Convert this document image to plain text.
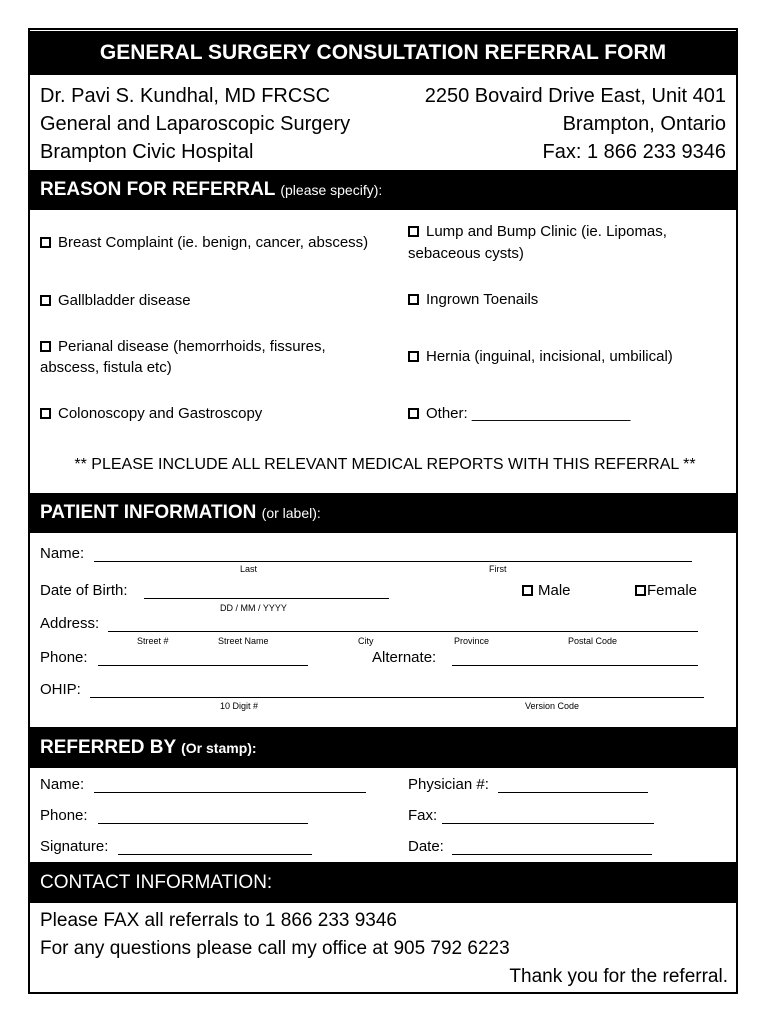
GENERAL SURGERY CONSULTATION REFERRAL FORM
Dr. Pavi S. Kundhal, MD FRCSC
General and Laparoscopic Surgery
Brampton Civic Hospital
2250 Bovaird Drive East, Unit 401
Brampton, Ontario
Fax: 1 866 233 9346
REASON FOR REFERRAL (please specify):
Breast Complaint (ie. benign, cancer, abscess)
Lump and Bump Clinic (ie. Lipomas,
sebaceous cysts)
Gallbladder disease	Ingrown Toenails
Perianal disease (hemorrhoids, fissures,
abscess, fistula etc)
Hernia (inguinal, incisional, umbilical)
Colonoscopy and Gastroscopy	Other: ___________________
** PLEASE INCLUDE ALL RELEVANT MEDICAL REPORTS WITH THIS REFERRAL **
PATIENT INFORMATION (or label):
Name:
Last	First
Date of Birth:
DD / MM / YYYY
Male	Female
Address:
Street #	Street Name	City	Province	Postal Code
Phone:	Alternate:
OHIP:
10 Digit #	Version Code
REFERRED BY (Or stamp):
Name:	Physician #:
Phone:	Fax:
Signature:	Date:
CONTACT INFORMATION:
Please FAX all referrals to 1 866 233 9346
For any questions please call my office at 905 792 6223
Thank you for the referral.
